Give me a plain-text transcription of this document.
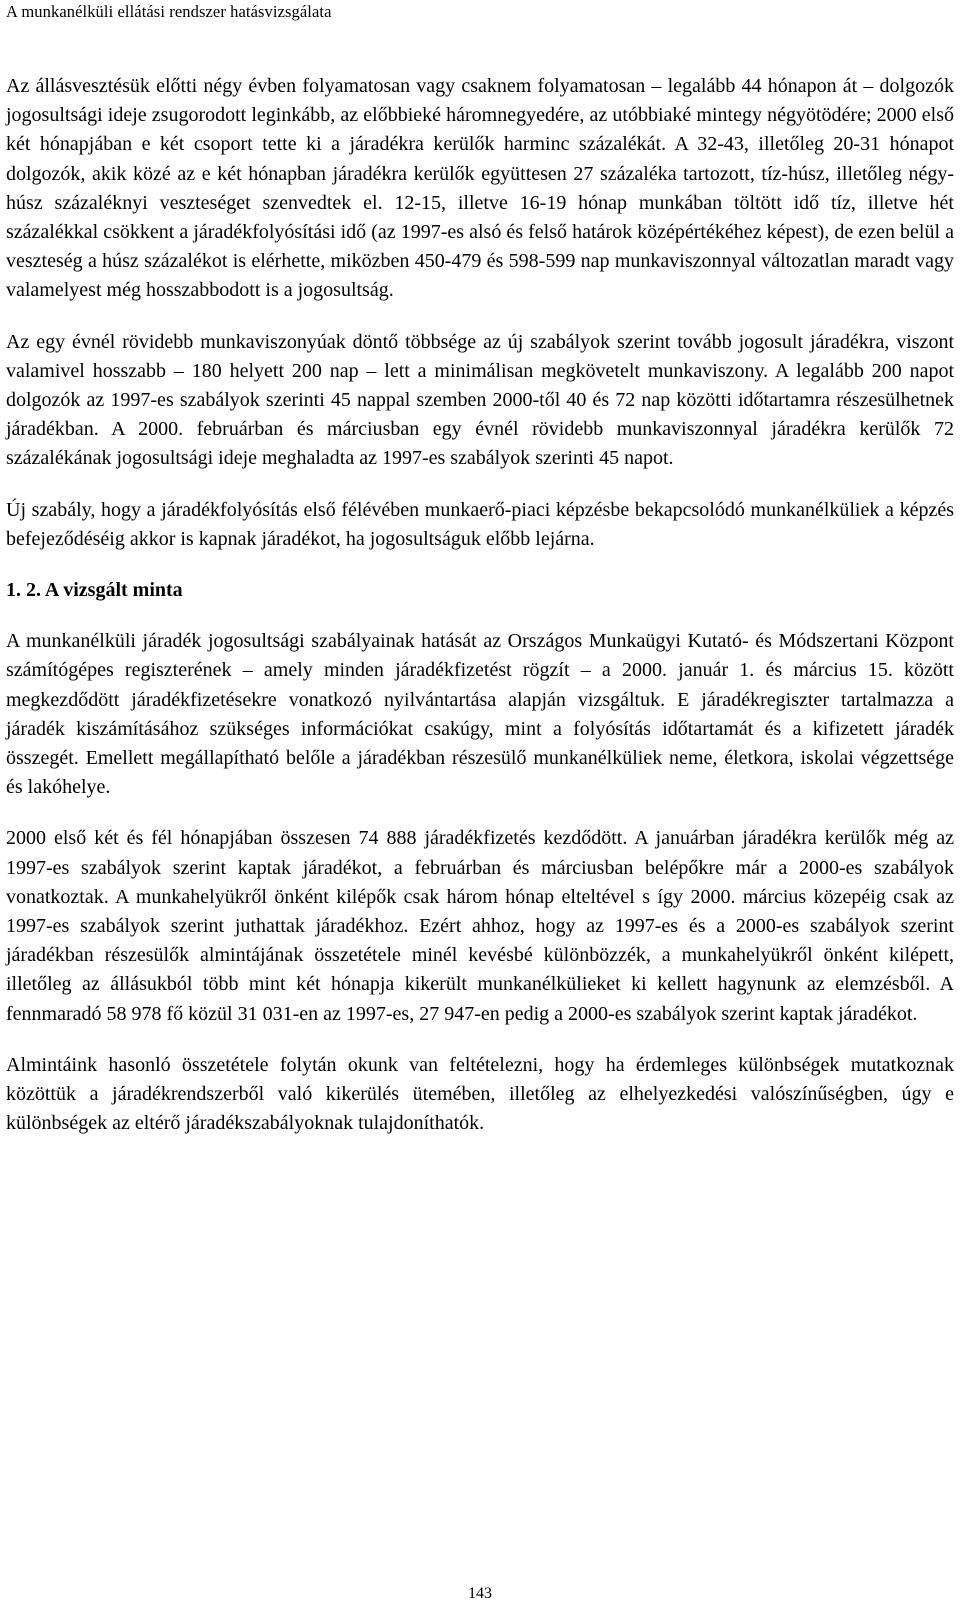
A munkanélküli ellátási rendszer hatásvizsgálata

Az állásvesztésük előtti négy évben folyamatosan vagy csaknem folyamatosan – legalább 44 hónapon át – dolgozók jogosultsági ideje zsugorodott leginkább, az előbbieké háromnegyedére, az utóbbiaké mintegy négyötödére; 2000 első két hónapjában e két csoport tette ki a járadékra kerülők harminc százalékát. A 32-43, illetőleg 20-31 hónapot dolgozók, akik közé az e két hónapban járadékra kerülők együttesen 27 százaléka tartozott, tíz-húsz, illetőleg négy-húsz százaléknyi veszteséget szenvedtek el. 12-15, illetve 16-19 hónap munkában töltött idő tíz, illetve hét százalékkal csökkent a járadékfolyósítási idő (az 1997-es alsó és felső határok középértékéhez képest), de ezen belül a veszteség a húsz százalékot is elérhette, miközben 450-479 és 598-599 nap munkaviszonnyal változatlan maradt vagy valamelyest még hosszabbodott is a jogosultság.

Az egy évnél rövidebb munkaviszonyúak döntő többsége az új szabályok szerint tovább jogosult járadékra, viszont valamivel hosszabb – 180 helyett 200 nap – lett a minimálisan megkövetelt munkaviszony. A legalább 200 napot dolgozók az 1997-es szabályok szerinti 45 nappal szemben 2000-től 40 és 72 nap közötti időtartamra részesülhetnek járadékban. A 2000. februárban és márciusban egy évnél rövidebb munkaviszonnyal járadékra kerülők 72 százalékának jogosultsági ideje meghaladta az 1997-es szabályok szerinti 45 napot.

Új szabály, hogy a járadékfolyósítás első félévében munkaerő-piaci képzésbe bekapcsolódó munkanélküliek a képzés befejeződéséig akkor is kapnak járadékot, ha jogosultságuk előbb lejárna.

1. 2. A vizsgált minta

A munkanélküli járadék jogosultsági szabályainak hatását az Országos Munkaügyi Kutató- és Módszertani Központ számítógépes regiszterének – amely minden járadékfizetést rögzít – a 2000. január 1. és március 15. között megkezdődött járadékfizetésekre vonatkozó nyilvántartása alapján vizsgáltuk. E járadékregiszter tartalmazza a járadék kiszámításához szükséges információkat csakúgy, mint a folyósítás időtartamát és a kifizetett járadék összegét. Emellett megállapítható belőle a járadékban részesülő munkanélküliek neme, életkora, iskolai végzettsége és lakóhelye.

2000 első két és fél hónapjában összesen 74 888 járadékfizetés kezdődött. A januárban járadékra kerülők még az 1997-es szabályok szerint kaptak járadékot, a februárban és márciusban belépőkre már a 2000-es szabályok vonatkoztak. A munkahelyükről önként kilépők csak három hónap elteltével s így 2000. március közepéig csak az 1997-es szabályok szerint juthattak járadékhoz. Ezért ahhoz, hogy az 1997-es és a 2000-es szabályok szerint járadékban részesülők almintájának összetétele minél kevésbé különbözzék, a munkahelyükről önként kilépett, illetőleg az állásukból több mint két hónapja kikerült munkanélkülieket ki kellett hagynunk az elemzésből. A fennmaradó 58 978 fő közül 31 031-en az 1997-es, 27 947-en pedig a 2000-es szabályok szerint kaptak járadékot.

Almintáink hasonló összetétele folytán okunk van feltételezni, hogy ha érdemleges különbségek mutatkoznak közöttük a járadékrendszerből való kikerülés ütemében, illetőleg az elhelyezkedési valószínűségben, úgy e különbségek az eltérő járadékszabályoknak tulajdoníthatók.

143
